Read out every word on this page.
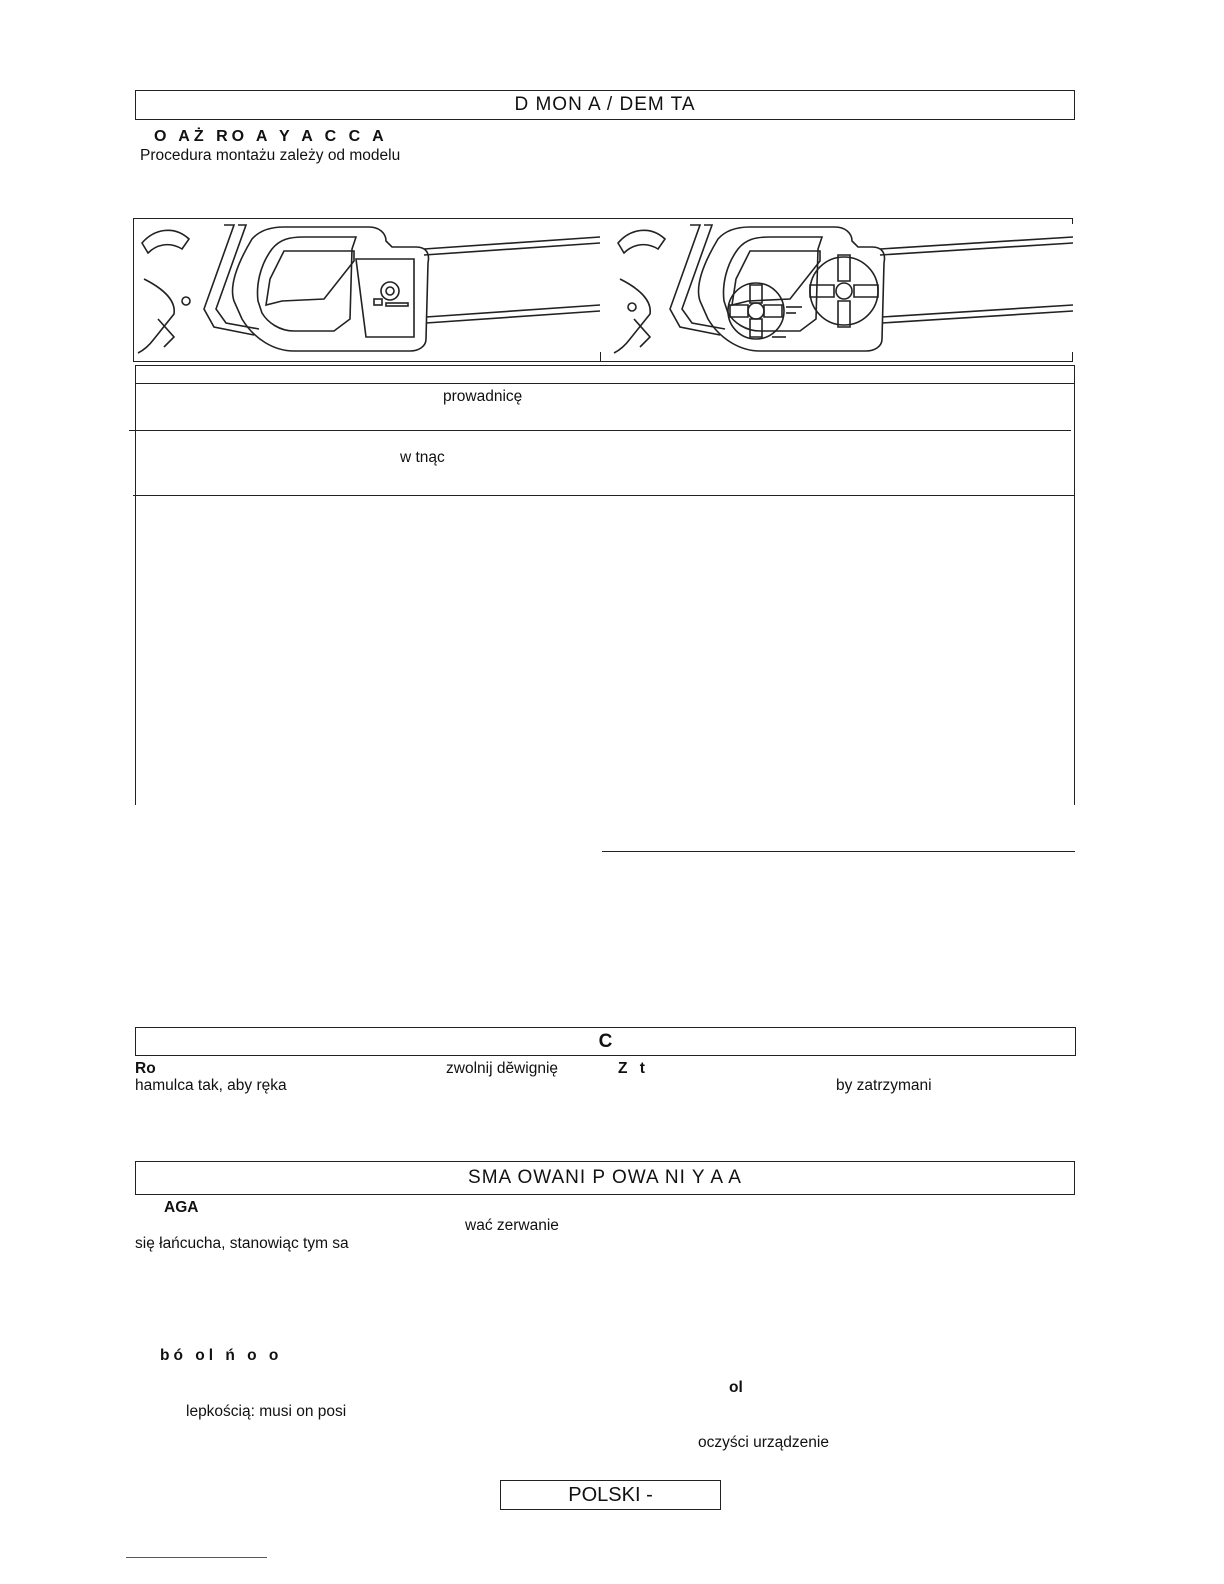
D MON A / DEM TA
O AŻ RO A Y A C C A
Procedura montażu zależy od modelu
prowadnicę
w tnąc
C
Ro	zwolnij dĕwignię	Z t
hamulca tak, aby ręka	by zatrzymani
SMA OWANI P OWA NI Y A A
AGA
wać zerwanie
się łańcucha, stanowiąc tym sa
bó ol ń o o
ol
lepkością: musi on posi
oczyści urządzenie
POLSKI -
